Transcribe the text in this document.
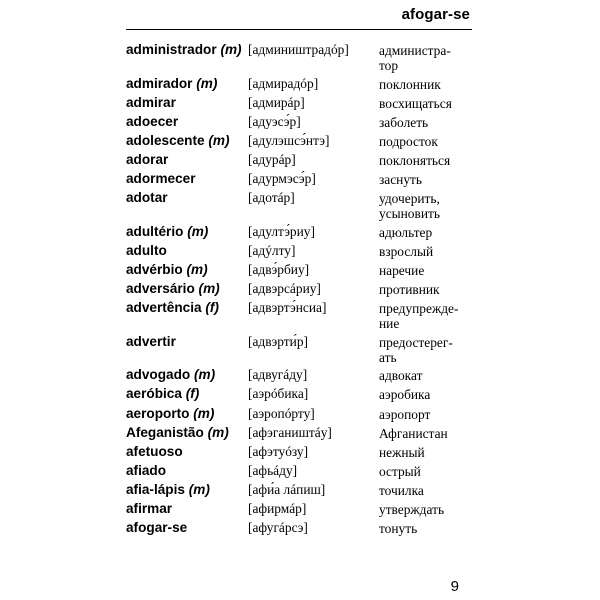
afogar-se
administrador (m) [админиштрадóр]	администра-
тор
admirador (m)	[адмирадóр]	поклонник
admirar	[адмирáр]	восхищаться
adoecer	[адуэсэ́р]	заболеть
adolescente (m)	[адулэшсэ́нтэ]	подросток
adorar	[адурáр]	поклоняться
adormecer	[адурмэсэ́р]	заснуть
adotar	[адотáр]	удочерить,
усыновить
adultério (m)	[адултэ́риу]	адюльтер
adulto	[адýлту]	взрослый
advérbio (m)	[адвэ́рбиу]	наречие
adversário (m)	[адвэрсáриу]	противник
advertência (f)	[адвэртэ́нсиа]	предупрежде-
ние
advertir	[адвэрти́р]	предостерег-
ать
advogado (m)	[адвугáду]	адвокат
aeróbica (f)	[аэрóбика]	аэробика
aeroporto (m)	[аэропóрту]	аэропорт
Afeganistão (m)	[афэгаништáу]	Афганистан
afetuoso	[афэтуóзу]	нежный
afiado	[афьáду]	острый
afia-lápis (m)	[афи́а лáпиш]	точилка
afirmar	[афирмáр]	утверждать
afogar-se	[афугáрсэ]	тонуть
9
